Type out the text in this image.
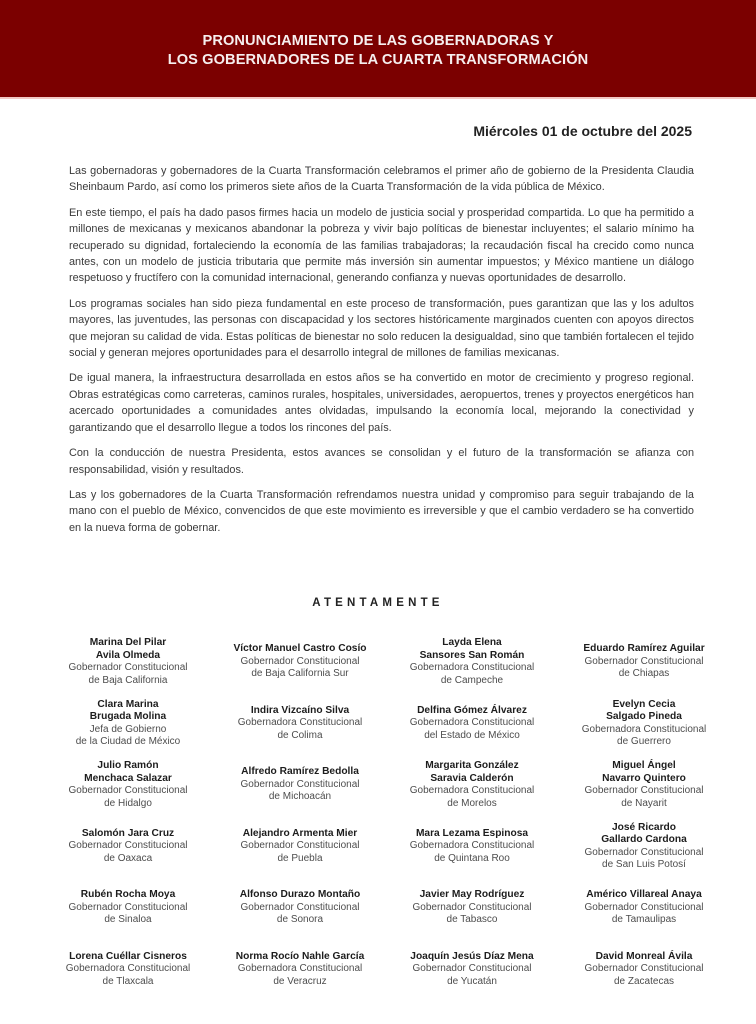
PRONUNCIAMIENTO DE LAS GOBERNADORAS Y
LOS GOBERNADORES DE LA CUARTA TRANSFORMACIÓN
Miércoles 01 de octubre del 2025

Las gobernadoras y gobernadores de la Cuarta Transformación celebramos el primer año de gobierno de la Presidenta Claudia Sheinbaum Pardo, así como los primeros siete años de la Cuarta Transformación de la vida pública de México.

En este tiempo, el país ha dado pasos firmes hacia un modelo de justicia social y prosperidad compartida. Lo que ha permitido a millones de mexicanas y mexicanos abandonar la pobreza y vivir bajo políticas de bienestar incluyentes; el salario mínimo ha recuperado su dignidad, fortaleciendo la economía de las familias trabajadoras; la recaudación fiscal ha crecido como nunca antes, con un modelo de justicia tributaria que permite más inversión sin aumentar impuestos; y México mantiene un diálogo respetuoso y fructífero con la comunidad internacional, generando confianza y nuevas oportunidades de desarrollo.

Los programas sociales han sido pieza fundamental en este proceso de transformación, pues garantizan que las y los adultos mayores, las juventudes, las personas con discapacidad y los sectores históricamente marginados cuenten con apoyos directos que mejoran su calidad de vida. Estas políticas de bienestar no solo reducen la desigualdad, sino que también fortalecen el tejido social y generan mejores oportunidades para el desarrollo integral de millones de familias mexicanas.

De igual manera, la infraestructura desarrollada en estos años se ha convertido en motor de crecimiento y progreso regional. Obras estratégicas como carreteras, caminos rurales, hospitales, universidades, aeropuertos, trenes y proyectos energéticos han acercado oportunidades a comunidades antes olvidadas, impulsando la economía local, mejorando la conectividad y garantizando que el desarrollo llegue a todos los rincones del país.

Con la conducción de nuestra Presidenta, estos avances se consolidan y el futuro de la transformación se afianza con responsabilidad, visión y resultados.

Las y los gobernadores de la Cuarta Transformación refrendamos nuestra unidad y compromiso para seguir trabajando de la mano con el pueblo de México, convencidos de que este movimiento es irreversible y que el cambio verdadero se ha convertido en la nueva forma de gobernar.

ATENTAMENTE
Marina Del Pilar
Avila Olmeda
Gobernador Constitucional
de Baja California
Víctor Manuel Castro Cosío
Gobernador Constitucional
de Baja California Sur
Layda Elena
Sansores San Román
Gobernadora Constitucional
de Campeche
Eduardo Ramírez Aguilar
Gobernador Constitucional
de Chiapas
Clara Marina
Brugada Molina
Jefa de Gobierno
de la Ciudad de México
Indira Vizcaíno Silva
Gobernadora Constitucional
de Colima
Delfina Gómez Álvarez
Gobernadora Constitucional
del Estado de México
Evelyn Cecia
Salgado Pineda
Gobernadora Constitucional
de Guerrero
Julio Ramón
Menchaca Salazar
Gobernador Constitucional
de Hidalgo
Alfredo Ramírez Bedolla
Gobernador Constitucional
de Michoacán
Margarita González
Saravia Calderón
Gobernadora Constitucional
de Morelos
Miguel Ángel
Navarro Quintero
Gobernador Constitucional
de Nayarit
Salomón Jara Cruz
Gobernador Constitucional
de Oaxaca
Alejandro Armenta Mier
Gobernador Constitucional
de Puebla
Mara Lezama Espinosa
Gobernadora Constitucional
de Quintana Roo
José Ricardo
Gallardo Cardona
Gobernador Constitucional
de San Luis Potosí
Rubén Rocha Moya
Gobernador Constitucional
de Sinaloa
Alfonso Durazo Montaño
Gobernador Constitucional
de Sonora
Javier May Rodríguez
Gobernador Constitucional
de Tabasco
Américo Villareal Anaya
Gobernador Constitucional
de Tamaulipas
Lorena Cuéllar Cisneros
Gobernadora Constitucional
de Tlaxcala
Norma Rocío Nahle García
Gobernadora Constitucional
de Veracruz
Joaquín Jesús Díaz Mena
Gobernador Constitucional
de Yucatán
David Monreal Ávila
Gobernador Constitucional
de Zacatecas
